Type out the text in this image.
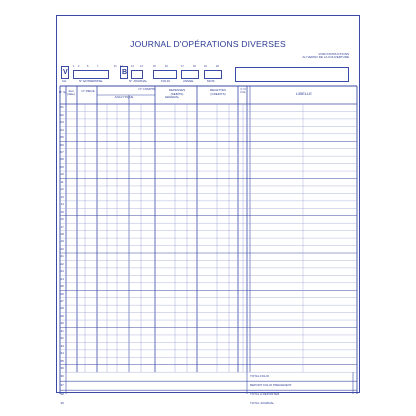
JOURNAL D'OPÉRATIONS DIVERSES
VOIR INSTRUCTIONS
AU VERSO DE LA COUVERTURE
V
CH	N° ENTREPRISE
B
N° JOURNAL	FOLIO	ANNEE	MOIS
1 2	5	7	11 12	13 14	15	16	17	18	19	20
N° lig Jour (date)
N° PIECE	N° COMPTE
ANALYTIQUE	GENERAL
DEPENSES
(DEBITS)
RECETTES
(CREDITS)
C O D E	LIBELLE
01
02
03
04
05
06
07
08
09
10
11
12
13
14
15
16
17
18
19
20
21
22
23
24
25
26
27
28
29
30
31
32
33
34
35
36
36	TOTAL FOLIO
37	REPORT FOLIO PRECEDENT
38	TOTAL A REPORTER
39	TOTAL JOURNAL
